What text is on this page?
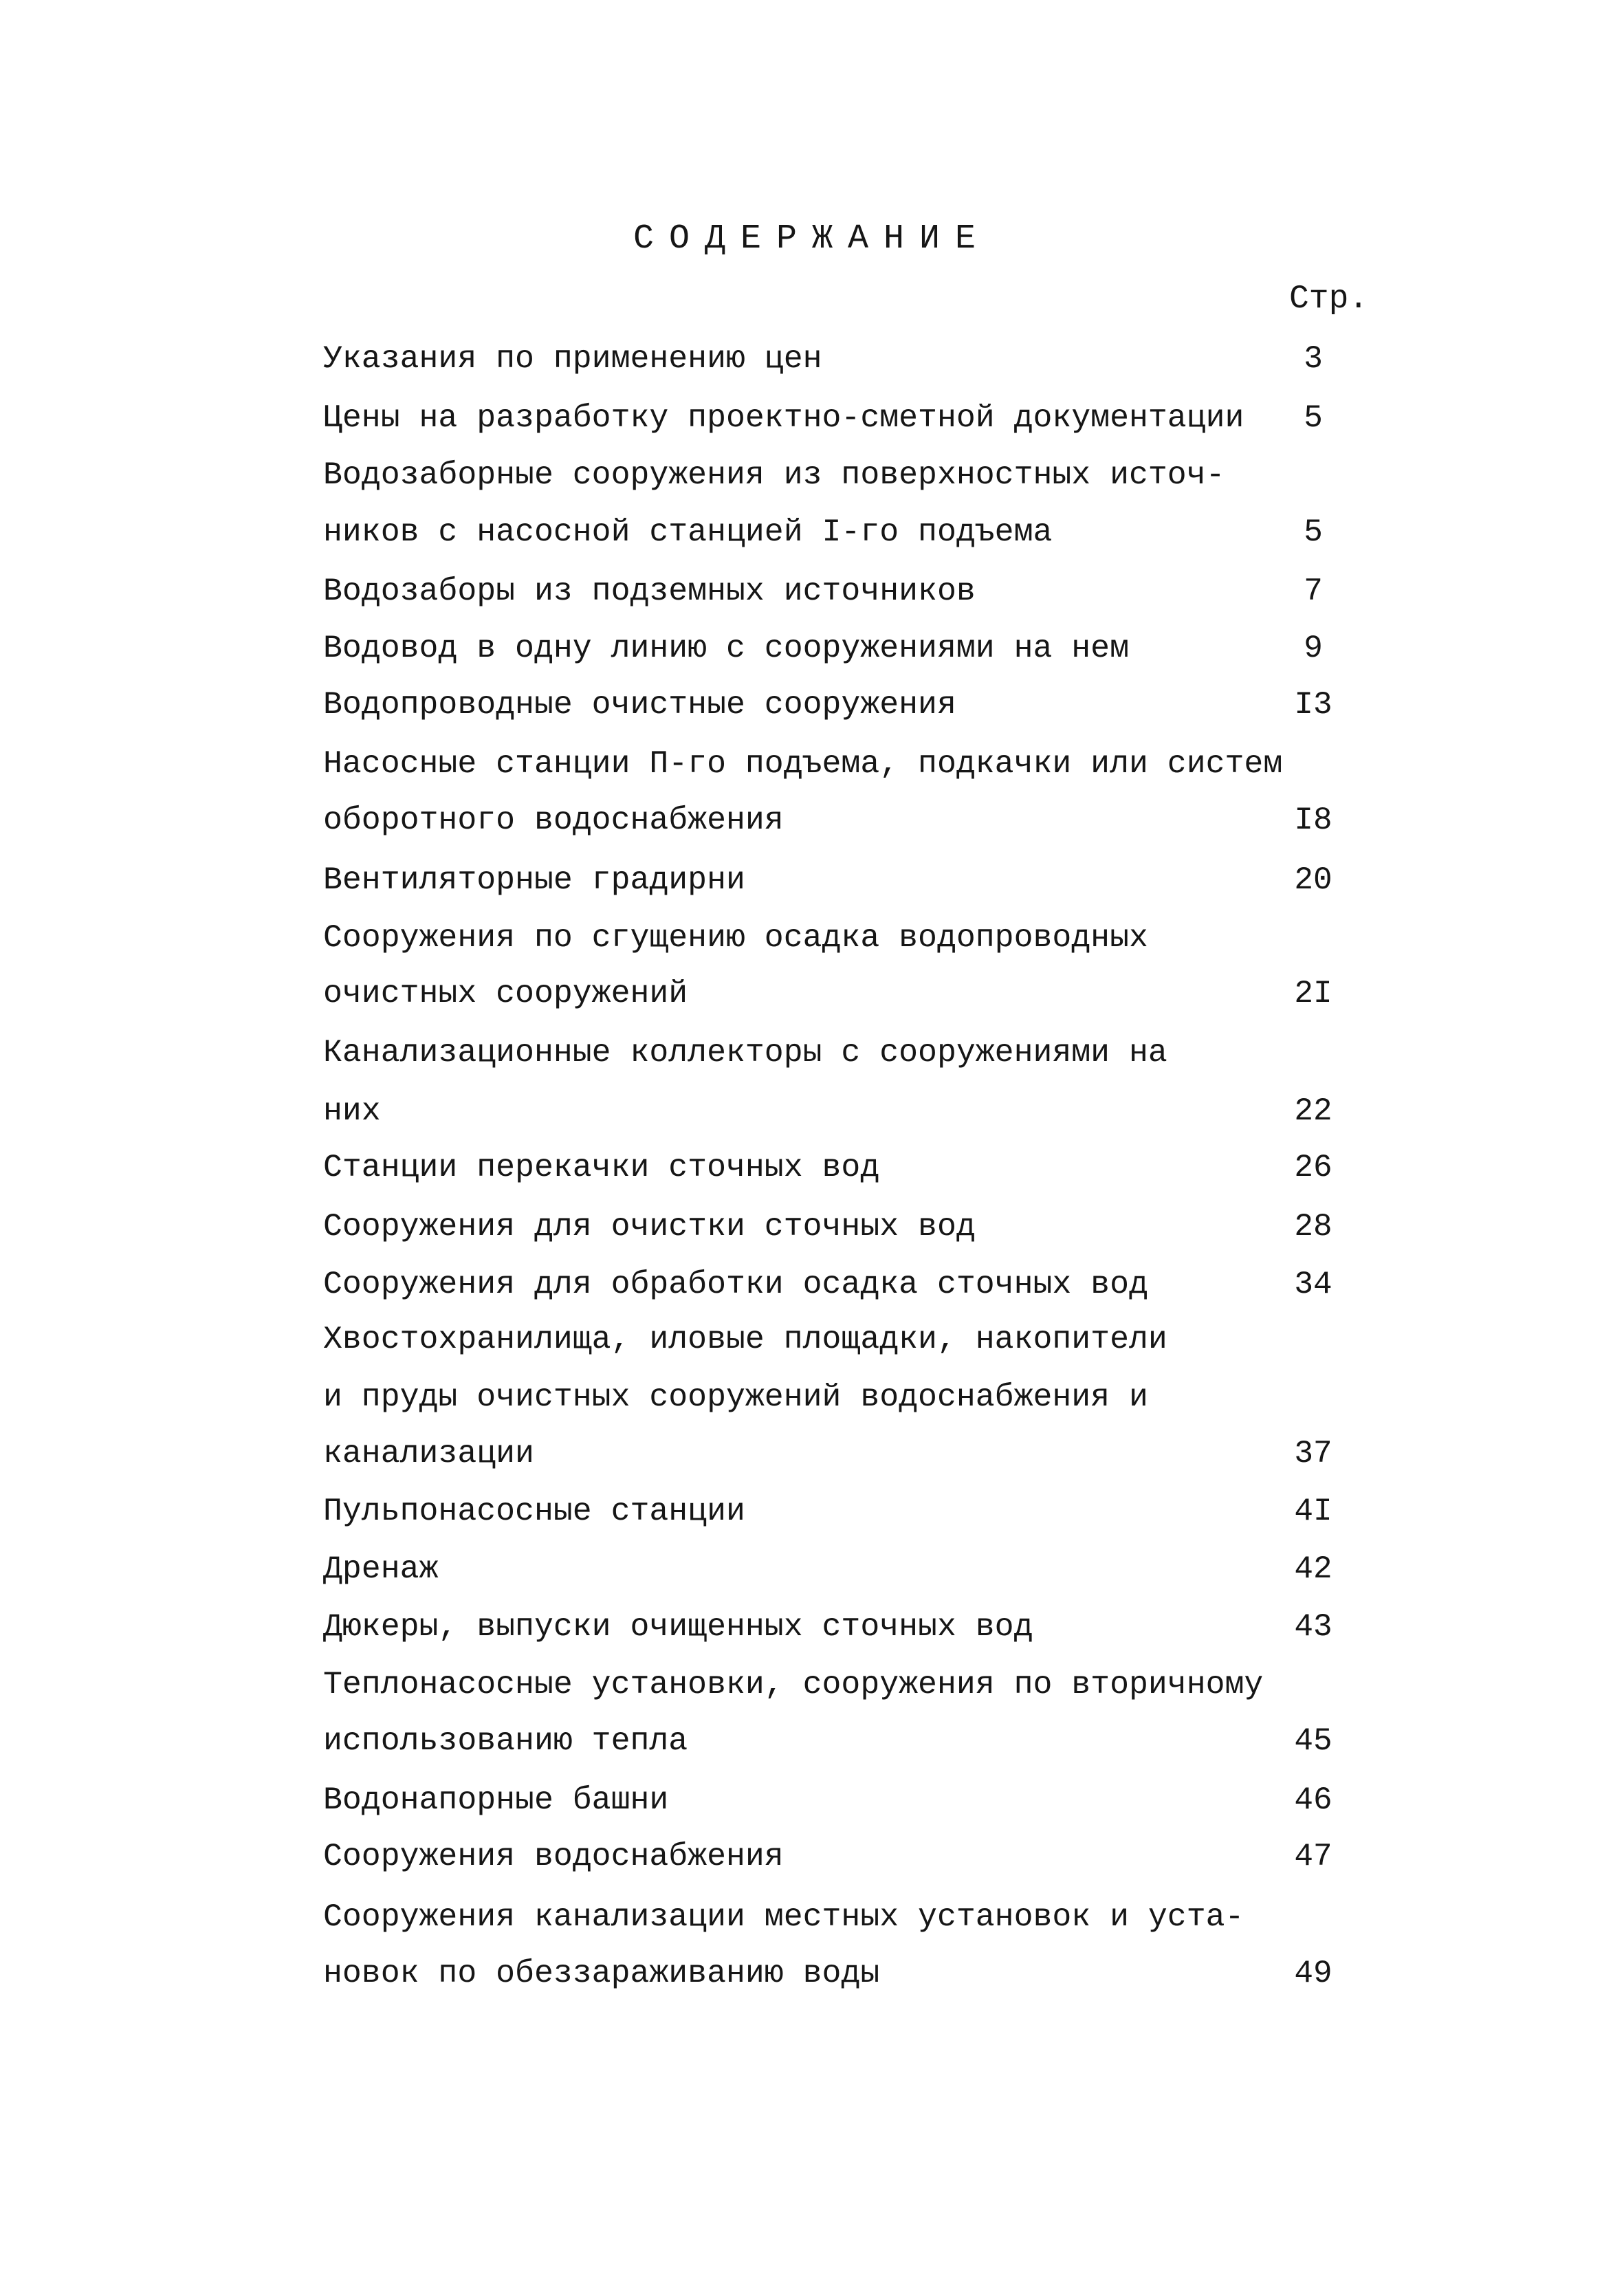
СОДЕРЖАНИЕ
Стр.
Указания по применению цен	3
Цены на разработку проектно-сметной документации	5
Водозаборные сооружения из поверхностных источ-
ников с насосной станцией I-го подъема	5
Водозаборы из подземных источников	7
Водовод в одну линию с сооружениями на нем	9
Водопроводные очистные сооружения	I3
Насосные станции П-го подъема, подкачки или систем
оборотного водоснабжения	I8
Вентиляторные градирни	20
Сооружения по сгущению осадка водопроводных
очистных сооружений	2I
Канализационные коллекторы с сооружениями на
них	22
Станции перекачки сточных вод	26
Сооружения для очистки сточных вод	28
Сооружения для обработки осадка сточных вод	34
Хвостохранилища, иловые площадки, накопители
и пруды очистных сооружений водоснабжения и
канализации	37
Пульпонасосные станции	4I
Дренаж	42
Дюкеры, выпуски очищенных сточных вод	43
Теплонасосные установки, сооружения по вторичному
использованию тепла	45
Водонапорные башни	46
Сооружения водоснабжения	47
Сооружения канализации местных установок и уста-
новок по обеззараживанию воды	49
